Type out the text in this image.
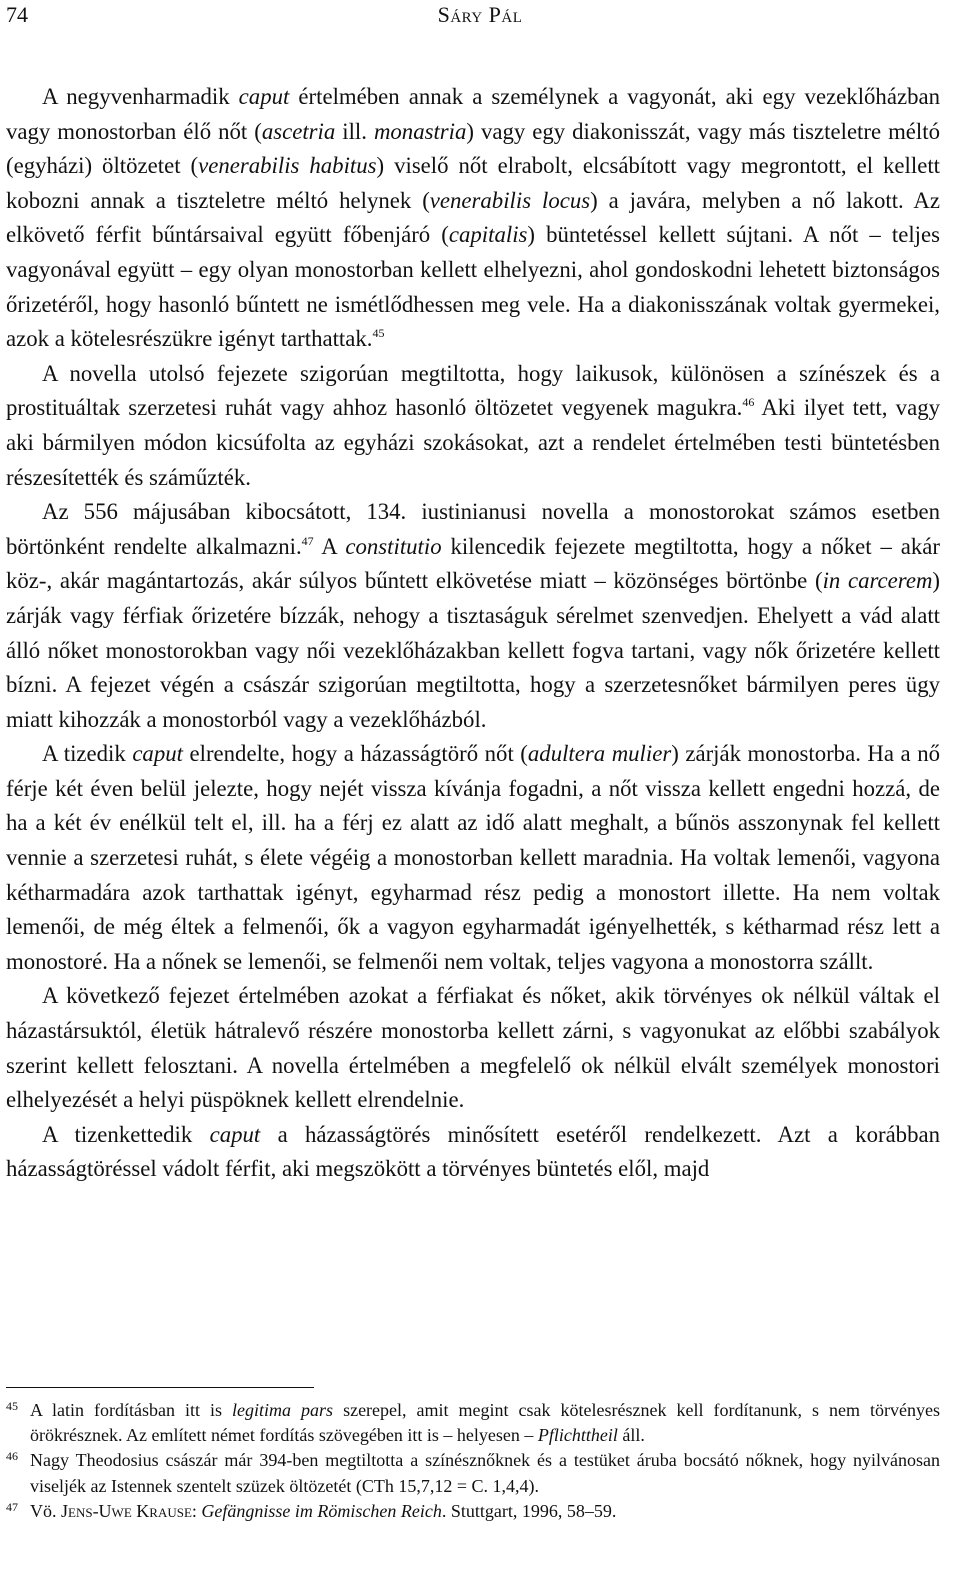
74	Sáry Pál

A negyvenharmadik caput értelmében annak a személynek a vagyonát, aki egy vezeklőházban vagy monostorban élő nőt (ascetria ill. monastria) vagy egy diakonisszát, vagy más tiszteletre méltó (egyházi) öltözetet (venerabilis habitus) viselő nőt elrabolt, elcsábított vagy megrontott, el kellett kobozni annak a tiszteletre méltó helynek (venerabilis locus) a javára, melyben a nő lakott. Az elkövető férfit bűntársaival együtt főbenjáró (capitalis) büntetéssel kellett sújtani. A nőt – teljes vagyonával együtt – egy olyan monostorban kellett elhelyezni, ahol gondoskodni lehetett biztonságos őrizetéről, hogy hasonló bűntett ne ismétlődhessen meg vele. Ha a diakonisszának voltak gyermekei, azok a kötelesrészükre igényt tarthattak.$^{45}$

A novella utolsó fejezete szigorúan megtiltotta, hogy laikusok, különösen a színészek és a prostituáltak szerzetesi ruhát vagy ahhoz hasonló öltözetet vegyenek magukra.$^{46}$ Aki ilyet tett, vagy aki bármilyen módon kicsúfolta az egyházi szokásokat, azt a rendelet értelmében testi büntetésben részesítették és száműzték.

Az 556 májusában kibocsátott, 134. iustinianusi novella a monostorokat számos esetben börtönként rendelte alkalmazni.$^{47}$ A constitutio kilencedik fejezete megtiltotta, hogy a nőket – akár köz-, akár magántartozás, akár súlyos bűntett elkövetése miatt – közönséges börtönbe (in carcerem) zárják vagy férfiak őrizetére bízzák, nehogy a tisztaságuk sérelmet szenvedjen. Ehelyett a vád alatt álló nőket monostorokban vagy női vezeklőházakban kellett fogva tartani, vagy nők őrizetére kellett bízni. A fejezet végén a császár szigorúan megtiltotta, hogy a szerzetesnőket bármilyen peres ügy miatt kihozzák a monostorból vagy a vezeklőházból.

A tizedik caput elrendelte, hogy a házasságtörő nőt (adultera mulier) zárják monostorba. Ha a nő férje két éven belül jelezte, hogy nejét vissza kívánja fogadni, a nőt vissza kellett engedni hozzá, de ha a két év enélkül telt el, ill. ha a férj ez alatt az idő alatt meghalt, a bűnös asszonynak fel kellett vennie a szerzetesi ruhát, s élete végéig a monostorban kellett maradnia. Ha voltak lemenői, vagyona kétharmadára azok tarthattak igényt, egyharmad rész pedig a monostort illette. Ha nem voltak lemenői, de még éltek a felmenői, ők a vagyon egyharmadát igényelhették, s kétharmad rész lett a monostoré. Ha a nőnek se lemenői, se felmenői nem voltak, teljes vagyona a monostorra szállt.

A következő fejezet értelmében azokat a férfiakat és nőket, akik törvényes ok nélkül váltak el házastársuktól, életük hátralevő részére monostorba kellett zárni, s vagyonukat az előbbi szabályok szerint kellett felosztani. A novella értelmében a megfelelő ok nélkül elvált személyek monostori elhelyezését a helyi püspöknek kellett elrendelnie.

A tizenkettedik caput a házasságtörés minősített esetéről rendelkezett. Azt a korábban házasságtöréssel vádolt férfit, aki megszökött a törvényes büntetés elől, majd

45 A latin fordításban itt is legitima pars szerepel, amit megint csak kötelesrésznek kell fordítanunk, s nem törvényes örökrésznek. Az említett német fordítás szövegében itt is – helyesen – Pflichttheil áll.

46 Nagy Theodosius császár már 394-ben megtiltotta a színésznőknek és a testüket áruba bocsátó nőknek, hogy nyilvánosan viseljék az Istennek szentelt szüzek öltözetét (CTh 15,7,12 = C. 1,4,4).

47 Vö. Jens-Uwe Krause: Gefängnisse im Römischen Reich. Stuttgart, 1996, 58–59.
